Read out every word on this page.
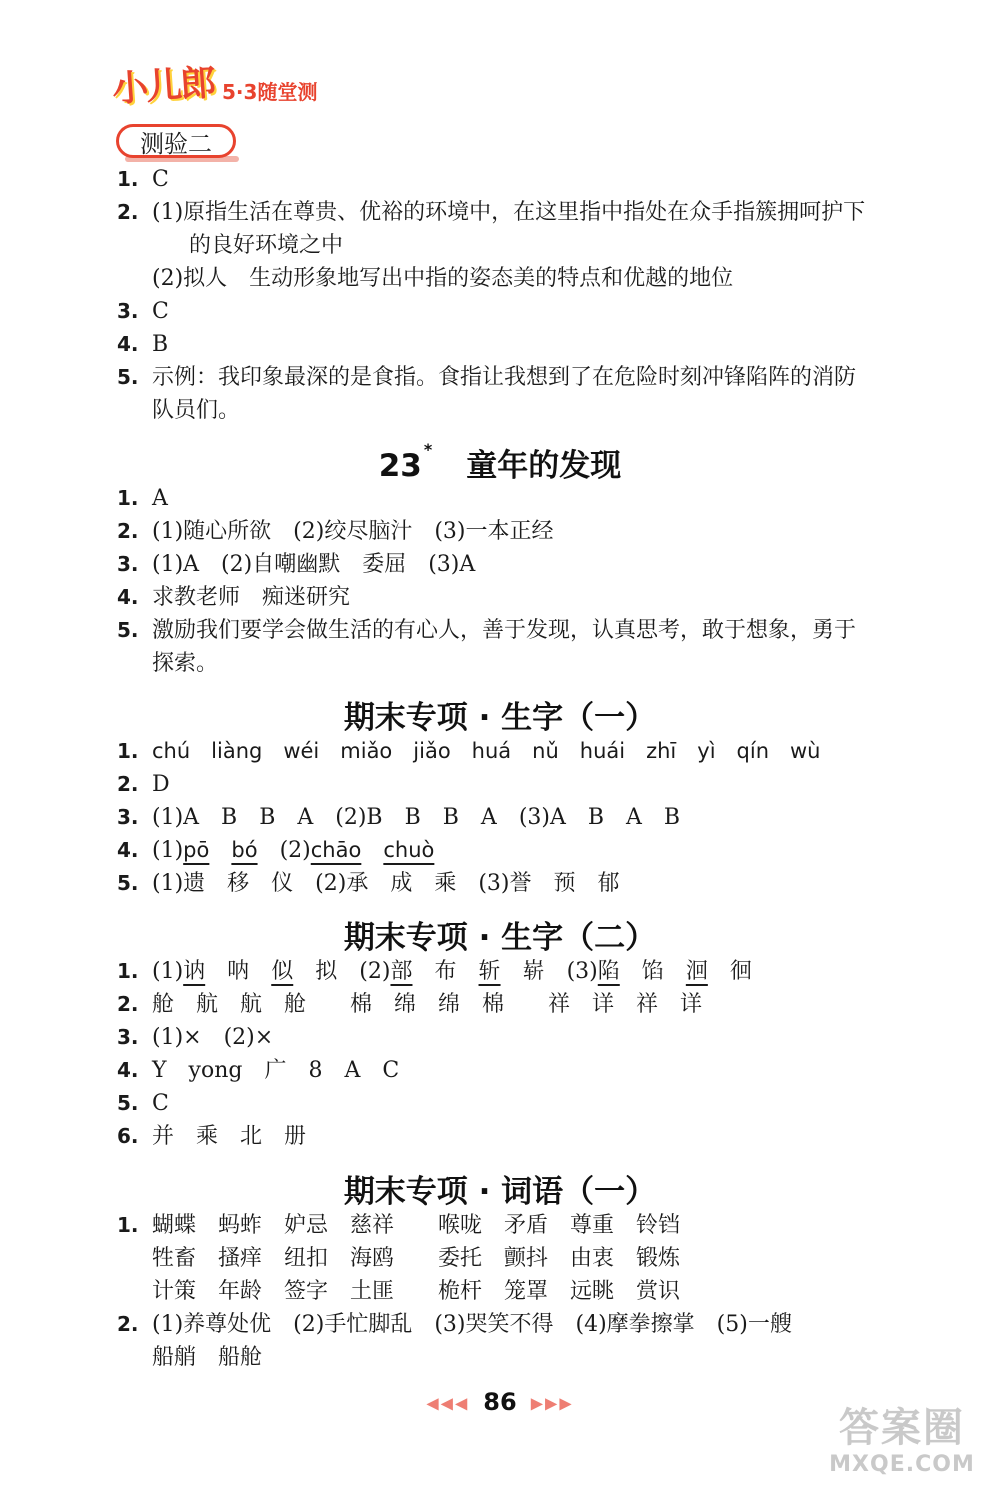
小儿郎 5·3随堂测
测验二
1. C
2. (1)原指生活在尊贵、优裕的环境中，在这里指中指处在众手指簇拥呵护下
的良好环境之中
(2)拟人　生动形象地写出中指的姿态美的特点和优越的地位
3. C
4. B
5. 示例：我印象最深的是食指。食指让我想到了在危险时刻冲锋陷阵的消防
队员们。
23 * 童年的发现
1. A
2. (1)随心所欲　(2)绞尽脑汁　(3)一本正经
3. (1)A　(2)自嘲幽默　委屈　(3)A
4. 求教老师　痴迷研究
5. 激励我们要学会做生活的有心人，善于发现，认真思考，敢于想象，勇于
探索。
期末专项 · 生字（一）
1. chú　liàng　wéi　miǎo　jiǎo　huá　nǔ　huái　zhī　yì　qín　wù
2. D
3. (1)A　B　B　A　(2)B　B　B　A　(3)A　B　A　B
4. (1)pō　 bó　 (2)chāo　 chuò
5. (1)遗　移　仪　(2)承　成　乘　(3)誉　预　郁
期末专项 · 生字（二）
1. (1)讷　 呐　 似　 拟　 (2)部　 布　 斩　 崭　 (3)陷　 馅　 洄　 徊
2. 舱　航　航　舱　　棉　绵　绵　棉　　祥　详　祥　详
3. (1)×　(2)×
4. Y　yong　广　8　A　C
5. C
6. 并　乘　北　册
期末专项 · 词语（一）
1. 蝴蝶　蚂蚱　妒忌　慈祥　　喉咙　矛盾　尊重　铃铛
牲畜　搔痒　纽扣　海鸥　　委托　颤抖　由衷　锻炼
计策　年龄　签字　土匪　　桅杆　笼罩　远眺　赏识
2. (1)养尊处优　(2)手忙脚乱　(3)哭笑不得　(4)摩拳擦掌　(5)一艘
船艄　船舱
◀◀◀ 86 ▶▶▶
答案圈
MXQE.COM
